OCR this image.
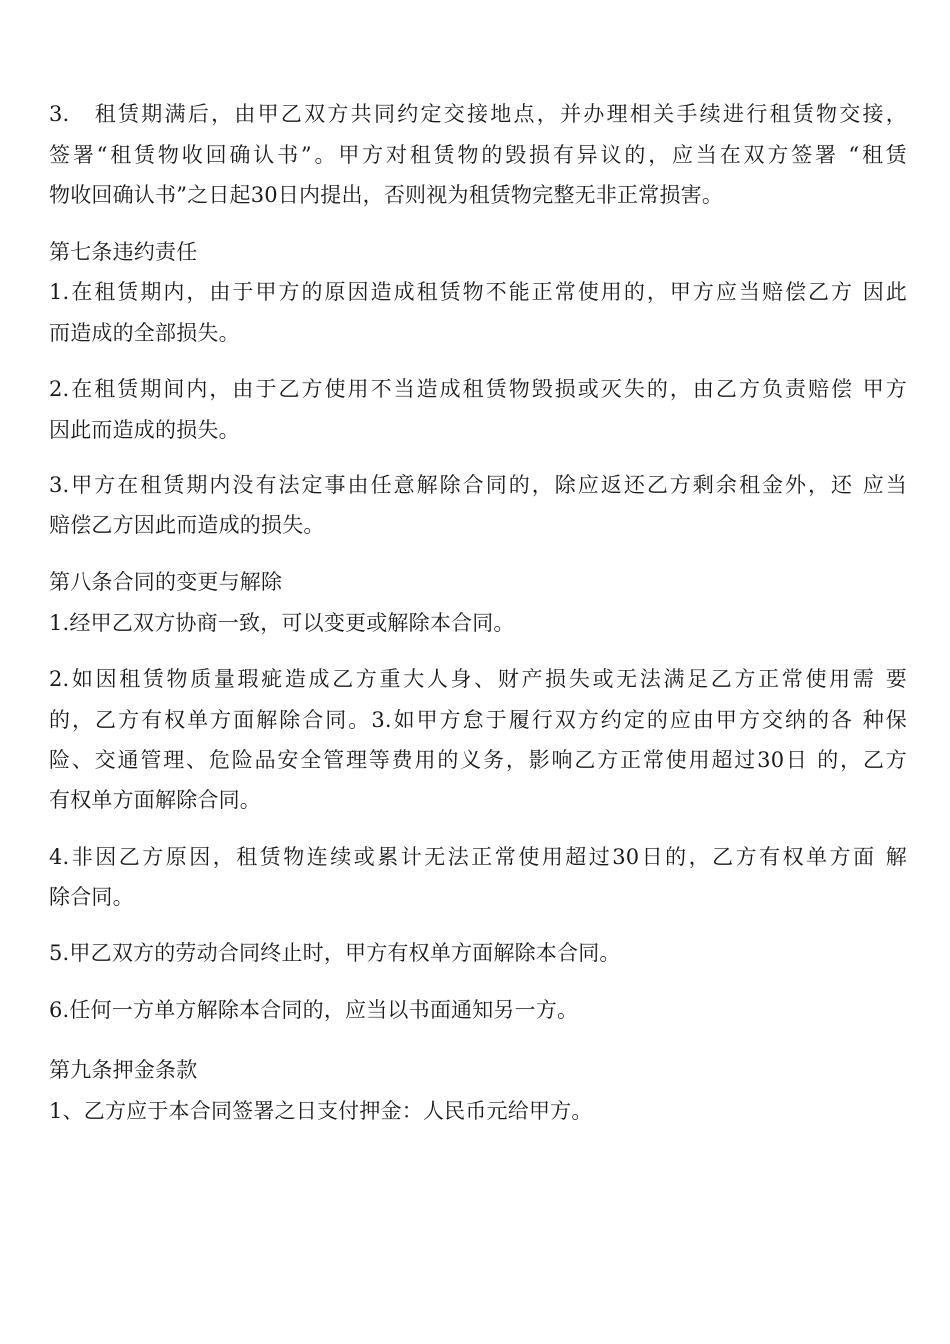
3.　租赁期满后，由甲乙双方共同约定交接地点，并办理相关手续进行租赁物交接，
签署“租赁物收回确认书”。甲方对租赁物的毁损有异议的，应当在双方签署 “租赁
物收回确认书”之日起30日内提出，否则视为租赁物完整无非正常损害。
第七条违约责任
1.在租赁期内，由于甲方的原因造成租赁物不能正常使用的，甲方应当赔偿乙方 因此
而造成的全部损失。
2.在租赁期间内，由于乙方使用不当造成租赁物毁损或灭失的，由乙方负责赔偿 甲方
因此而造成的损失。
3.甲方在租赁期内没有法定事由任意解除合同的，除应返还乙方剩余租金外，还 应当
赔偿乙方因此而造成的损失。
第八条合同的变更与解除
1.经甲乙双方协商一致，可以变更或解除本合同。
2.如因租赁物质量瑕疵造成乙方重大人身、财产损失或无法满足乙方正常使用需 要
的，乙方有权单方面解除合同。3.如甲方怠于履行双方约定的应由甲方交纳的各 种保
险、交通管理、危险品安全管理等费用的义务，影响乙方正常使用超过30日 的，乙方
有权单方面解除合同。
4.非因乙方原因，租赁物连续或累计无法正常使用超过30日的，乙方有权单方面 解
除合同。
5.甲乙双方的劳动合同终止时，甲方有权单方面解除本合同。
6.任何一方单方解除本合同的，应当以书面通知另一方。
第九条押金条款
1、乙方应于本合同签署之日支付押金：人民币元给甲方。
